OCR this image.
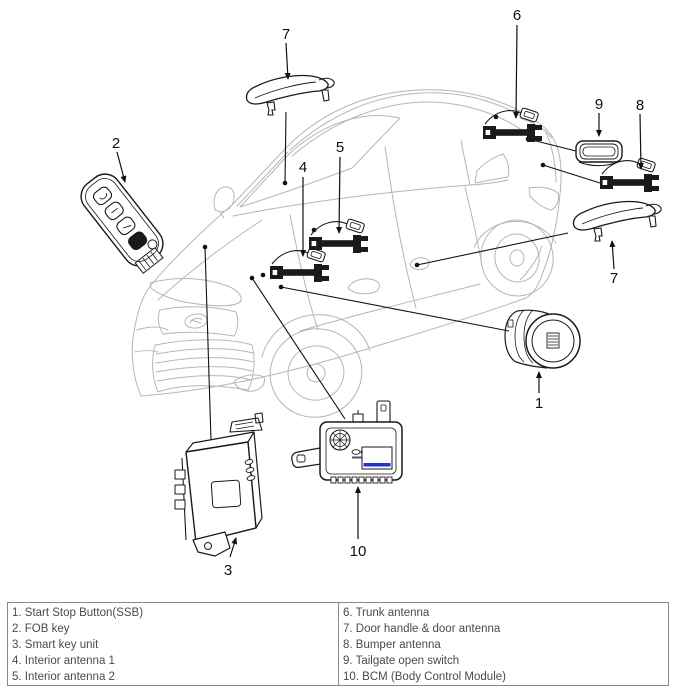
1
2
3
4
5
6
7
7
8
9
10
1. Start Stop Button(SSB)
2. FOB key
3. Smart key unit
4. Interior antenna 1
5. Interior antenna 2
6. Trunk antenna
7. Door handle & door antenna
8. Bumper antenna
9. Tailgate open switch
10. BCM (Body Control Module)
